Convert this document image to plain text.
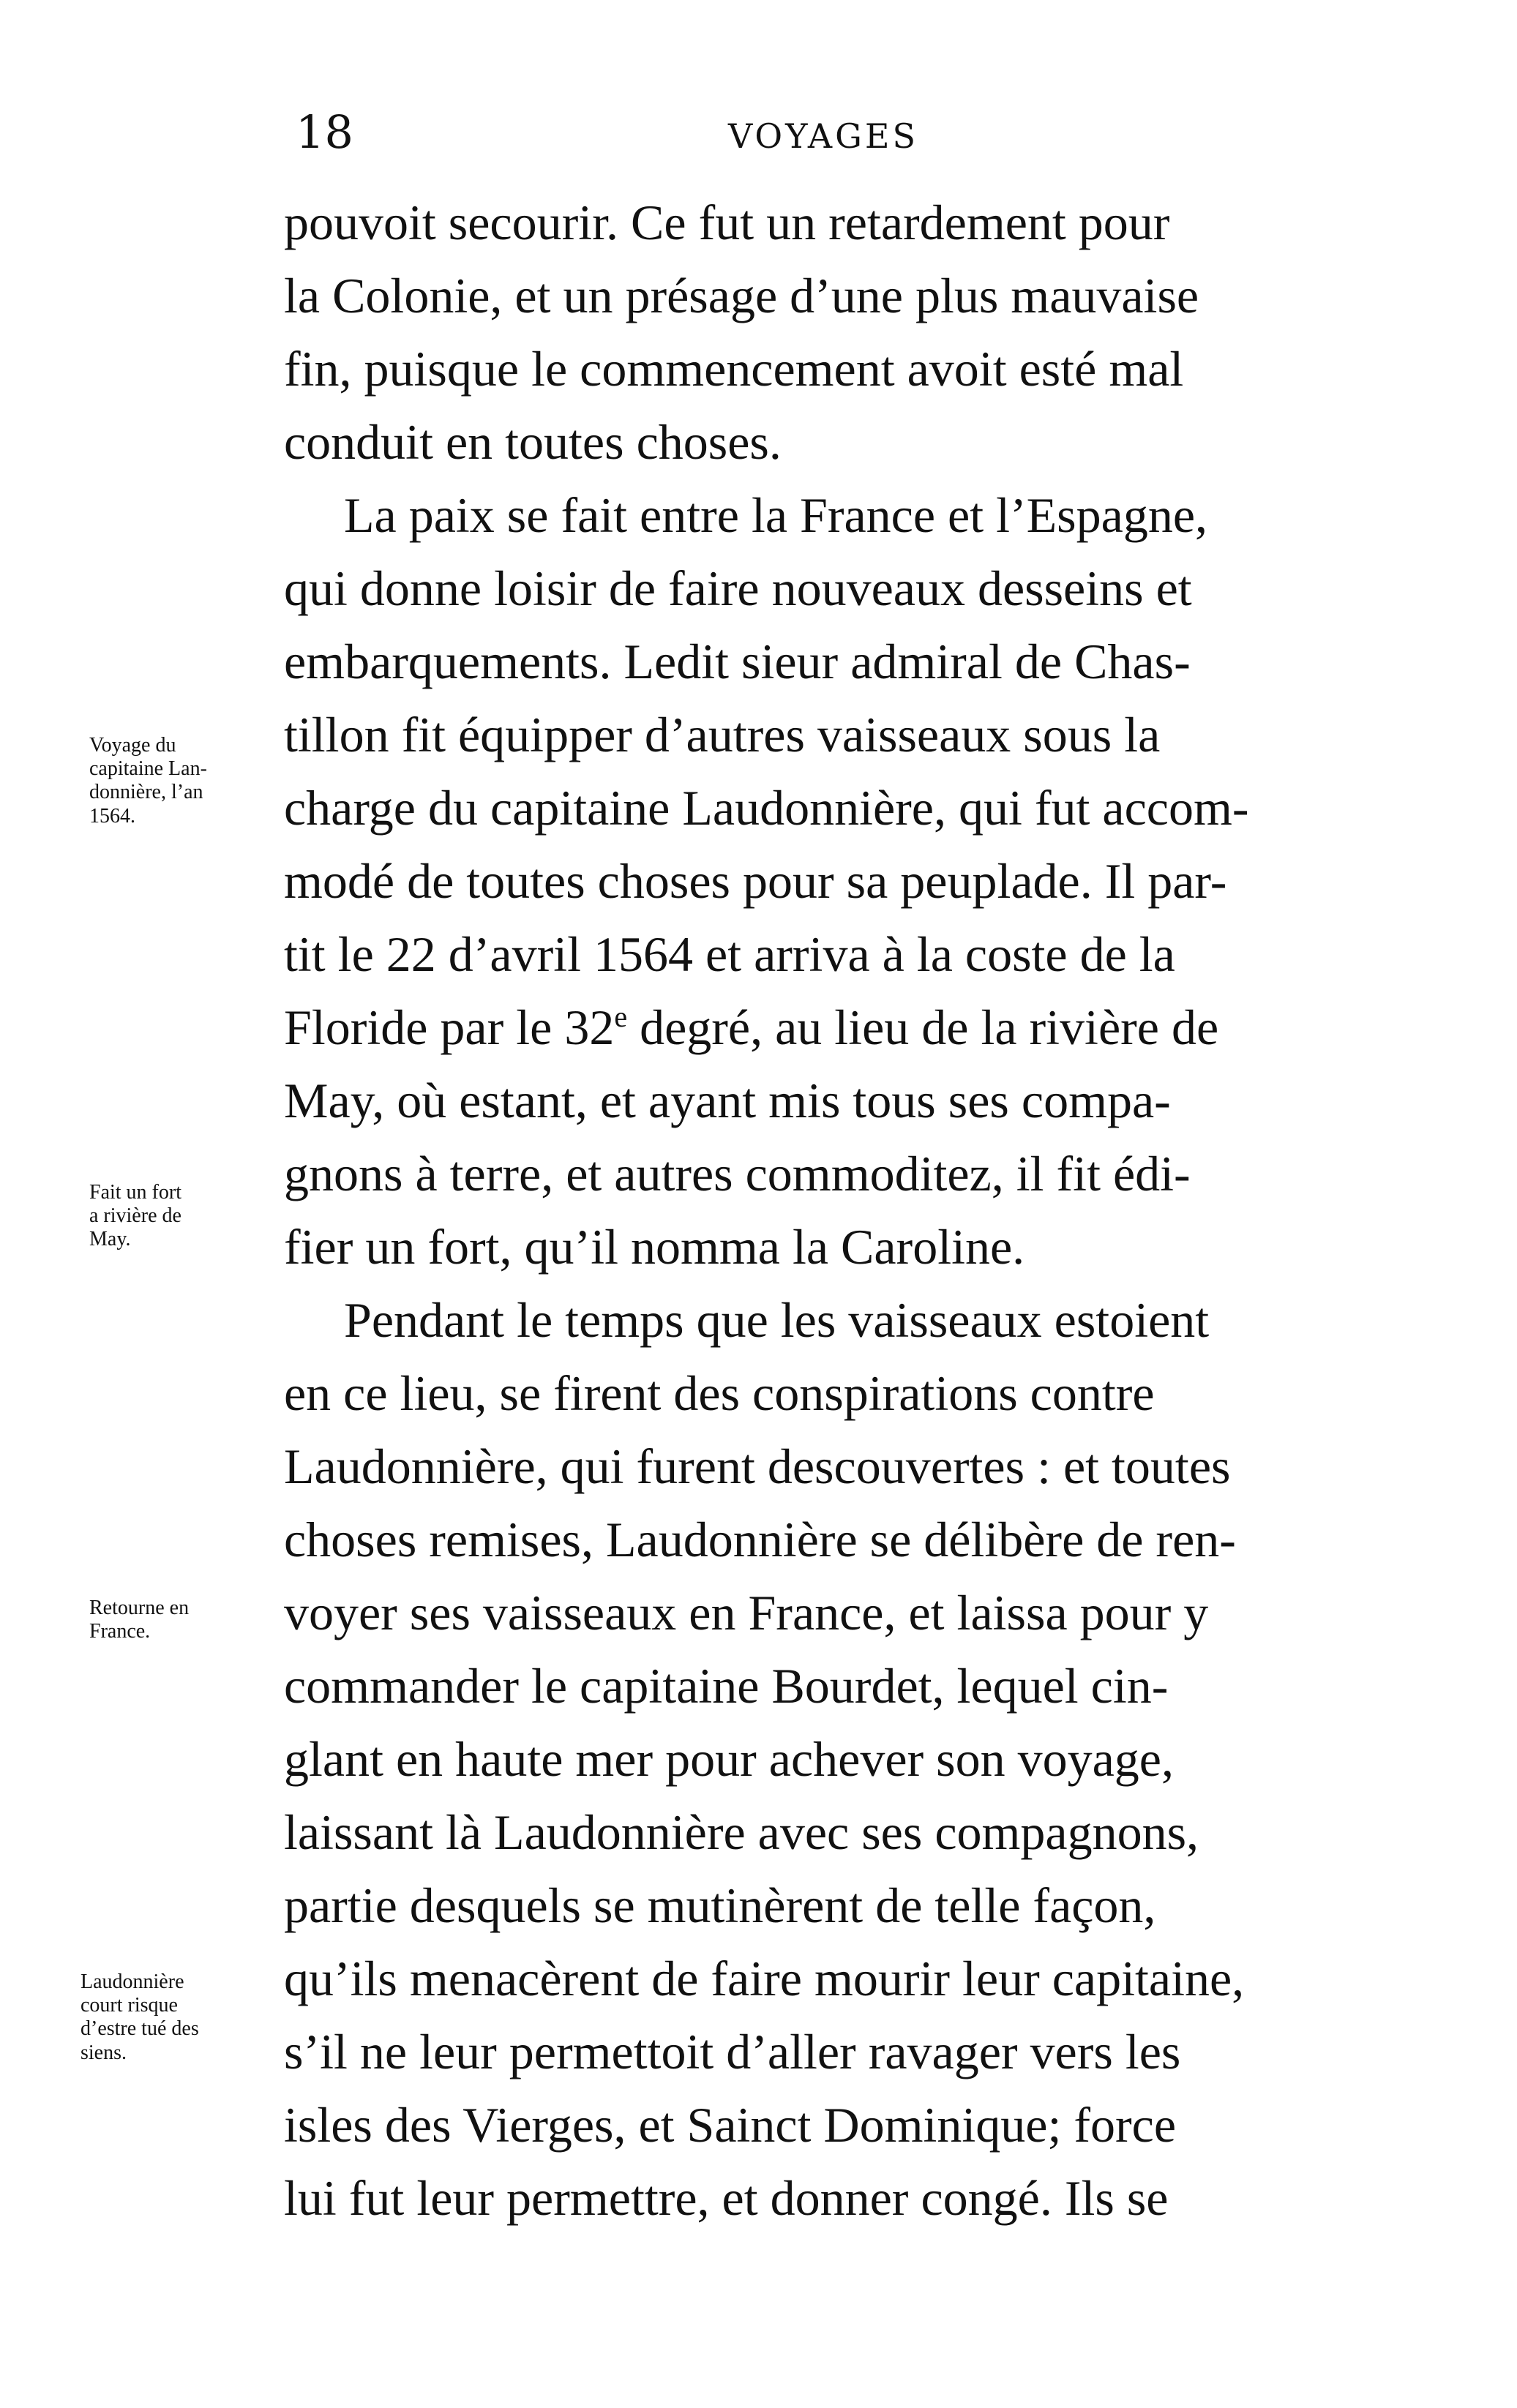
18	VOYAGES
pouvoit secourir. Ce fut un retardement pour
la Colonie, et un présage d’une plus mauvaise
fin, puisque le commencement avoit esté mal
conduit en toutes choses.
La paix se fait entre la France et l’Espagne,
qui donne loisir de faire nouveaux desseins et
embarquements. Ledit sieur admiral de Chas-
tillon fit équipper d’autres vaisseaux sous la
charge du capitaine Laudonnière, qui fut accom-
modé de toutes choses pour sa peuplade. Il par-
tit le 22 d’avril 1564 et arriva à la coste de la
Floride par le 32e degré, au lieu de la rivière de
May, où estant, et ayant mis tous ses compa-
gnons à terre, et autres commoditez, il fit édi-
fier un fort, qu’il nomma la Caroline.
Pendant le temps que les vaisseaux estoient
en ce lieu, se firent des conspirations contre
Laudonnière, qui furent descouvertes : et toutes
choses remises, Laudonnière se délibère de ren-
voyer ses vaisseaux en France, et laissa pour y
commander le capitaine Bourdet, lequel cin-
glant en haute mer pour achever son voyage,
laissant là Laudonnière avec ses compagnons,
partie desquels se mutinèrent de telle façon,
qu’ils menacèrent de faire mourir leur capitaine,
s’il ne leur permettoit d’aller ravager vers les
isles des Vierges, et Sainct Dominique; force
lui fut leur permettre, et donner congé. Ils se
Voyage du
capitaine Lan-
donnière, l’an
1564.
Fait un fort
a rivière de
May.
Retourne en
France.
Laudonnière
court risque
d’estre tué des
siens.
